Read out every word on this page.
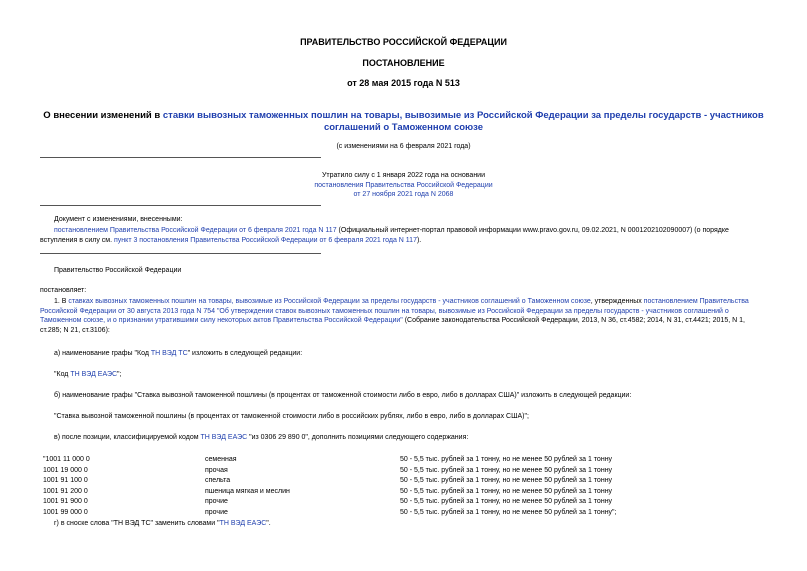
ПРАВИТЕЛЬСТВО РОССИЙСКОЙ ФЕДЕРАЦИИ
ПОСТАНОВЛЕНИЕ
от 28 мая 2015 года N 513
О внесении изменений в ставки вывозных таможенных пошлин на товары, вывозимые из Российской Федерации за пределы государств - участников соглашений о Таможенном союзе
(с изменениями на 6 февраля 2021 года)
Утратило силу с 1 января 2022 года на основании
постановления Правительства Российской Федерации
от 27 ноября 2021 года N 2068
Документ с изменениями, внесенными:
постановлением Правительства Российской Федерации от 6 февраля 2021 года N 117 (Официальный интернет-портал правовой информации www.pravo.gov.ru, 09.02.2021, N 0001202102090007) (о порядке вступления в силу см. пункт 3 постановления Правительства Российской Федерации от 6 февраля 2021 года N 117).
Правительство Российской Федерации
постановляет:
1. В ставках вывозных таможенных пошлин на товары, вывозимые из Российской Федерации за пределы государств - участников соглашений о Таможенном союзе, утвержденных постановлением Правительства Российской Федерации от 30 августа 2013 года N 754 "Об утверждении ставок вывозных таможенных пошлин на товары, вывозимые из Российской Федерации за пределы государств - участников соглашений о Таможенном союзе, и о признании утратившими силу некоторых актов Правительства Российской Федерации" (Собрание законодательства Российской Федерации, 2013, N 36, ст.4582; 2014, N 31, ст.4421; 2015, N 1, ст.285; N 21, ст.3106):
а) наименование графы "Код ТН ВЭД ТС" изложить в следующей редакции:
"Код ТН ВЭД ЕАЭС";
б) наименование графы "Ставка вывозной таможенной пошлины (в процентах от таможенной стоимости либо в евро, либо в долларах США)" изложить в следующей редакции:
"Ставка вывозной таможенной пошлины (в процентах от таможенной стоимости либо в российских рублях, либо в евро, либо в долларах США)";
в) после позиции, классифицируемой кодом ТН ВЭД ЕАЭС "из 0306 29 890 0", дополнить позициями следующего содержания:
"1001 11 000 0	семенная	50 - 5,5 тыс. рублей за 1 тонну, но не менее 50 рублей за 1 тонну
1001 19 000 0	прочая	50 - 5,5 тыс. рублей за 1 тонну, но не менее 50 рублей за 1 тонну
1001 91 100 0	спельта	50 - 5,5 тыс. рублей за 1 тонну, но не менее 50 рублей за 1 тонну
1001 91 200 0	пшеница мягкая и меслин	50 - 5,5 тыс. рублей за 1 тонну, но не менее 50 рублей за 1 тонну
1001 91 900 0	прочие	50 - 5,5 тыс. рублей за 1 тонну, но не менее 50 рублей за 1 тонну
1001 99 000 0	прочие	50 - 5,5 тыс. рублей за 1 тонну, но не менее 50 рублей за 1 тонну";
г) в сноске слова "ТН ВЭД ТС" заменить словами "ТН ВЭД ЕАЭС".
